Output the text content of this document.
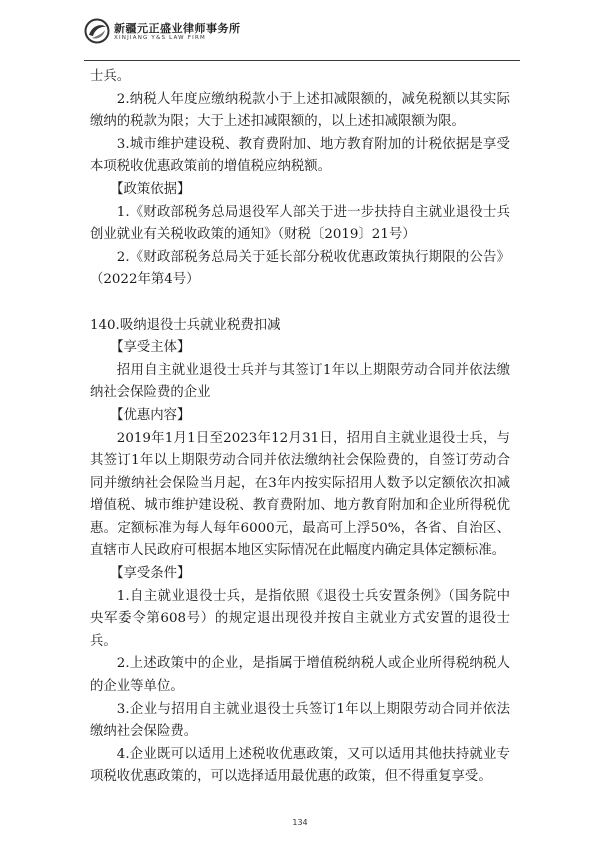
新疆元正盛业律师事务所
XINJIANG Y&S LAW FIRM

士兵。

2.纳税人年度应缴纳税款小于上述扣减限额的，减免税额以其实际缴纳的税款为限；大于上述扣减限额的，以上述扣减限额为限。

3.城市维护建设税、教育费附加、地方教育附加的计税依据是享受本项税收优惠政策前的增值税应纳税额。

【政策依据】

1.《财政部税务总局退役军人部关于进一步扶持自主就业退役士兵创业就业有关税收政策的通知》（财税〔2019〕21号）

2.《财政部税务总局关于延长部分税收优惠政策执行期限的公告》（2022年第4号）

140.吸纳退役士兵就业税费扣减

【享受主体】

招用自主就业退役士兵并与其签订1年以上期限劳动合同并依法缴纳社会保险费的企业

【优惠内容】

2019年1月1日至2023年12月31日，招用自主就业退役士兵，与其签订1年以上期限劳动合同并依法缴纳社会保险费的，自签订劳动合同并缴纳社会保险当月起，在3年内按实际招用人数予以定额依次扣减增值税、城市维护建设税、教育费附加、地方教育附加和企业所得税优惠。定额标准为每人每年6000元，最高可上浮50%，各省、自治区、直辖市人民政府可根据本地区实际情况在此幅度内确定具体定额标准。

【享受条件】

1.自主就业退役士兵，是指依照《退役士兵安置条例》（国务院中央军委令第608号）的规定退出现役并按自主就业方式安置的退役士兵。

2.上述政策中的企业，是指属于增值税纳税人或企业所得税纳税人的企业等单位。

3.企业与招用自主就业退役士兵签订1年以上期限劳动合同并依法缴纳社会保险费。

4.企业既可以适用上述税收优惠政策，又可以适用其他扶持就业专项税收优惠政策的，可以选择适用最优惠的政策，但不得重复享受。

134
